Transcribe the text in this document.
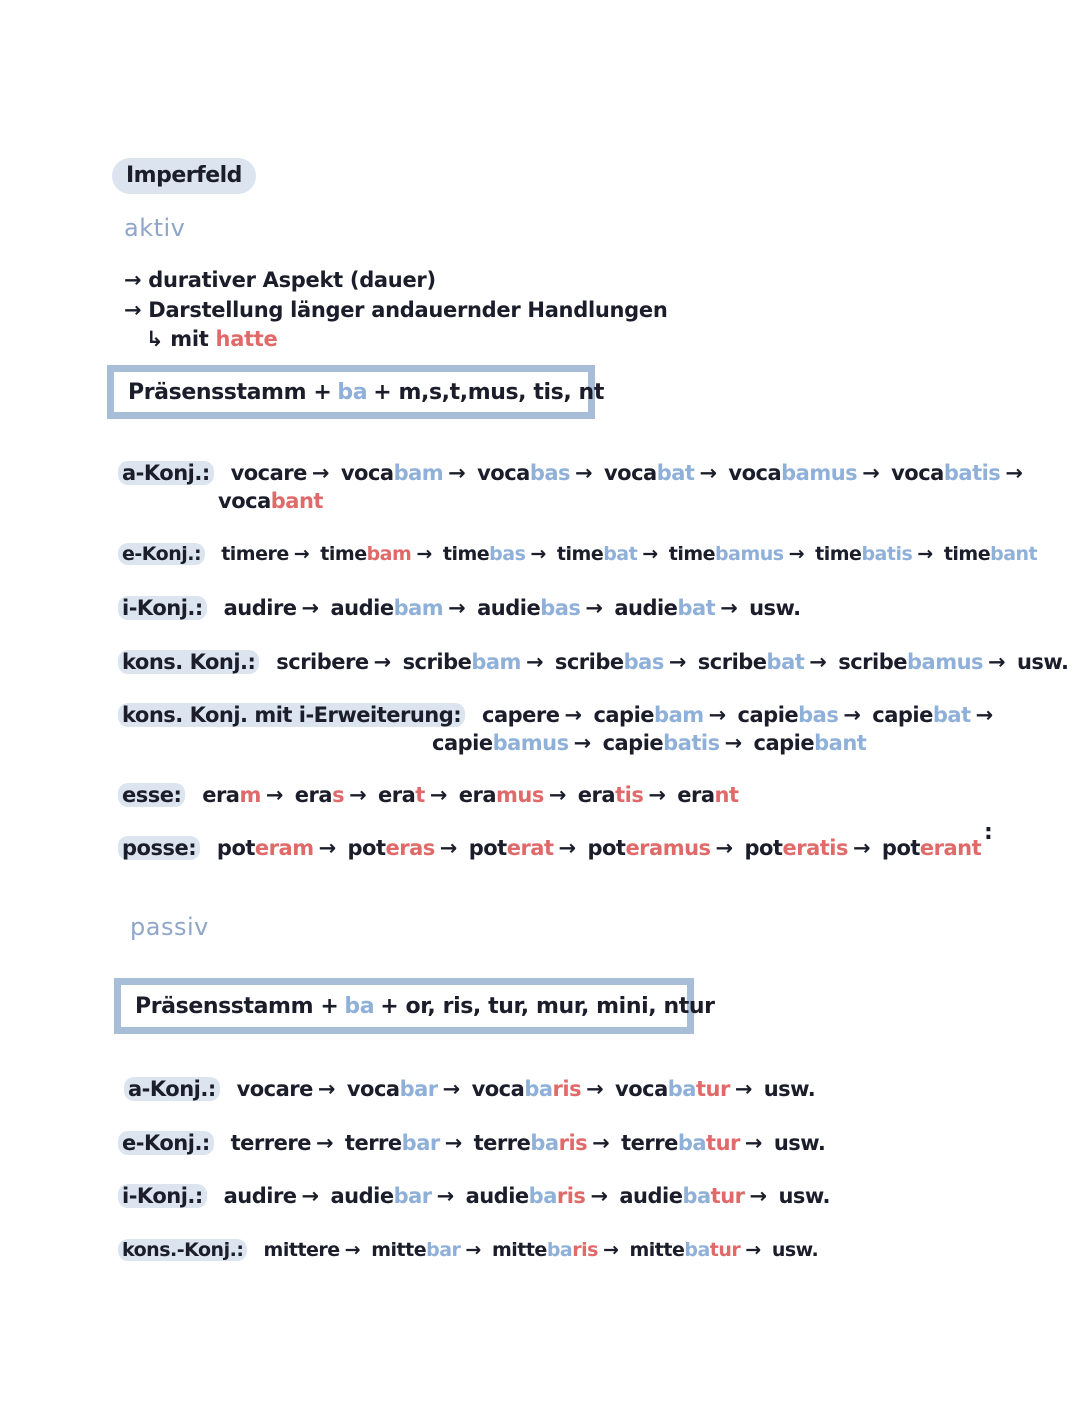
Imperfeld
aktiv
→ durativer Aspekt (dauer)
→ Darstellung länger andauernder Handlungen
↳ mit hatte
Präsensstamm + ba + m,s,t,mus, tis, nt
a-Konj.: vocare → vocabam → vocabas → vocabat → vocabamus → vocabatis →
vocabant
e-Konj.: timere → timebam → timebas → timebat → timebamus → timebatis → timebant
i-Konj.: audire → audiebam → audiebas → audiebat → usw.
kons. Konj.: scribere → scribebam → scribebas → scribebat → scribebamus → usw.
kons. Konj. mit i-Erweiterung: capere → capiebam → capiebas → capiebat →
capiebamus → capiebatis → capiebant
esse: eram → eras → erat → eramus → eratis → erant
posse: poteram → poteras → poterat → poteramus → poteratis → poterant
:
passiv
Präsensstamm + ba + or, ris, tur, mur, mini, ntur
a-Konj.: vocare → vocabar → vocabaris → vocabatur → usw.
e-Konj.: terrere → terrebar → terrebaris → terrebatur → usw.
i-Konj.: audire → audiebar → audiebaris → audiebatur → usw.
kons.-Konj.: mittere → mittebar → mittebaris → mittebatur → usw.
